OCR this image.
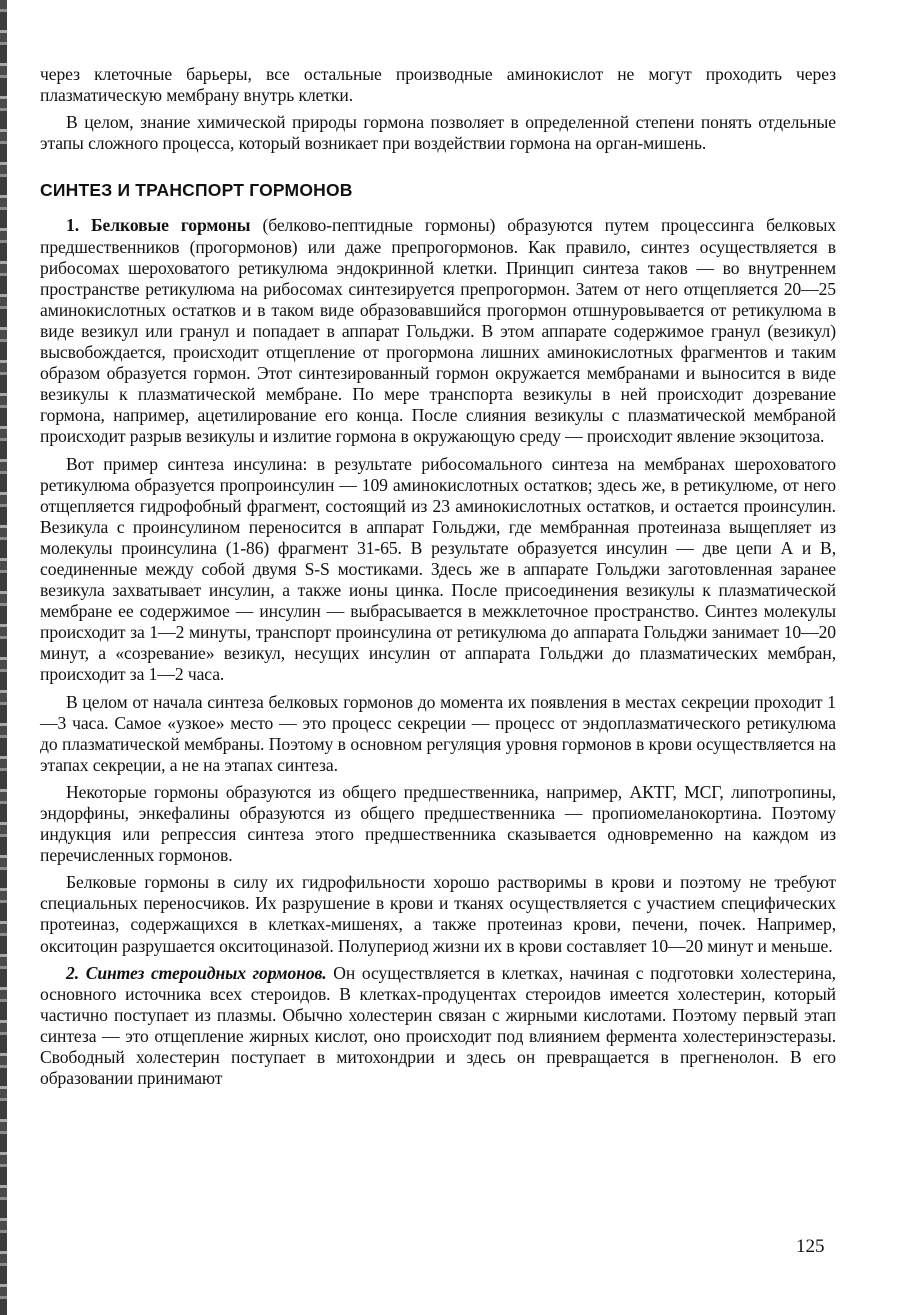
через клеточные барьеры, все остальные производные аминокислот не могут проходить через плазматическую мембрану внутрь клетки.

В целом, знание химической природы гормона позволяет в определенной степени понять отдельные этапы сложного процесса, который возникает при воздействии гормона на орган-мишень.

СИНТЕЗ И ТРАНСПОРТ ГОРМОНОВ

1. Белковые гормоны (белково-пептидные гормоны) образуются путем процессинга белковых предшественников (прогормонов) или даже препрогормонов. Как правило, синтез осуществляется в рибосомах шероховатого ретикулюма эндокринной клетки. Принцип синтеза таков — во внутреннем пространстве ретикулюма на рибосомах синтезируется препрогормон. Затем от него отщепляется 20—25 аминокислотных остатков и в таком виде образовавшийся прогормон отшнуровывается от ретикулюма в виде везикул или гранул и попадает в аппарат Гольджи. В этом аппарате содержимое гранул (везикул) высвобождается, происходит отщепление от прогормона лишних аминокислотных фрагментов и таким образом образуется гормон. Этот синтезированный гормон окружается мембранами и выносится в виде везикулы к плазматической мембране. По мере транспорта везикулы в ней происходит дозревание гормона, например, ацетилирование его конца. После слияния везикулы с плазматической мембраной происходит разрыв везикулы и излитие гормона в окружающую среду — происходит явление экзоцитоза.

Вот пример синтеза инсулина: в результате рибосомального синтеза на мембранах шероховатого ретикулюма образуется пропроинсулин — 109 аминокислотных остатков; здесь же, в ретикулюме, от него отщепляется гидрофобный фрагмент, состоящий из 23 аминокислотных остатков, и остается проинсулин. Везикула с проинсулином переносится в аппарат Гольджи, где мембранная протеиназа выщепляет из молекулы проинсулина (1-86) фрагмент 31-65. В результате образуется инсулин — две цепи А и В, соединенные между собой двумя S-S мостиками. Здесь же в аппарате Гольджи заготовленная заранее везикула захватывает инсулин, а также ионы цинка. После присоединения везикулы к плазматической мембране ее содержимое — инсулин — выбрасывается в межклеточное пространство. Синтез молекулы происходит за 1—2 минуты, транспорт проинсулина от ретикулюма до аппарата Гольджи занимает 10—20 минут, а «созревание» везикул, несущих инсулин от аппарата Гольджи до плазматических мембран, происходит за 1—2 часа.

В целом от начала синтеза белковых гормонов до момента их появления в местах секреции проходит 1—3 часа. Самое «узкое» место — это процесс секреции — процесс от эндоплазматического ретикулюма до плазматической мембраны. Поэтому в основном регуляция уровня гормонов в крови осуществляется на этапах секреции, а не на этапах синтеза.

Некоторые гормоны образуются из общего предшественника, например, АКТГ, МСГ, липотропины, эндорфины, энкефалины образуются из общего предшественника — пропиомеланокортина. Поэтому индукция или репрессия синтеза этого предшественника сказывается одновременно на каждом из перечисленных гормонов.

Белковые гормоны в силу их гидрофильности хорошо растворимы в крови и поэтому не требуют специальных переносчиков. Их разрушение в крови и тканях осуществляется с участием специфических протеиназ, содержащихся в клетках-мишенях, а также протеиназ крови, печени, почек. Например, окситоцин разрушается окситоциназой. Полупериод жизни их в крови составляет 10—20 минут и меньше.

2. Синтез стероидных гормонов. Он осуществляется в клетках, начиная с подготовки холестерина, основного источника всех стероидов. В клетках-продуцентах стероидов имеется холестерин, который частично поступает из плазмы. Обычно холестерин связан с жирными кислотами. Поэтому первый этап синтеза — это отщепление жирных кислот, оно происходит под влиянием фермента холестеринэстеразы. Свободный холестерин поступает в митохондрии и здесь он превращается в прегненолон. В его образовании принимают

125
